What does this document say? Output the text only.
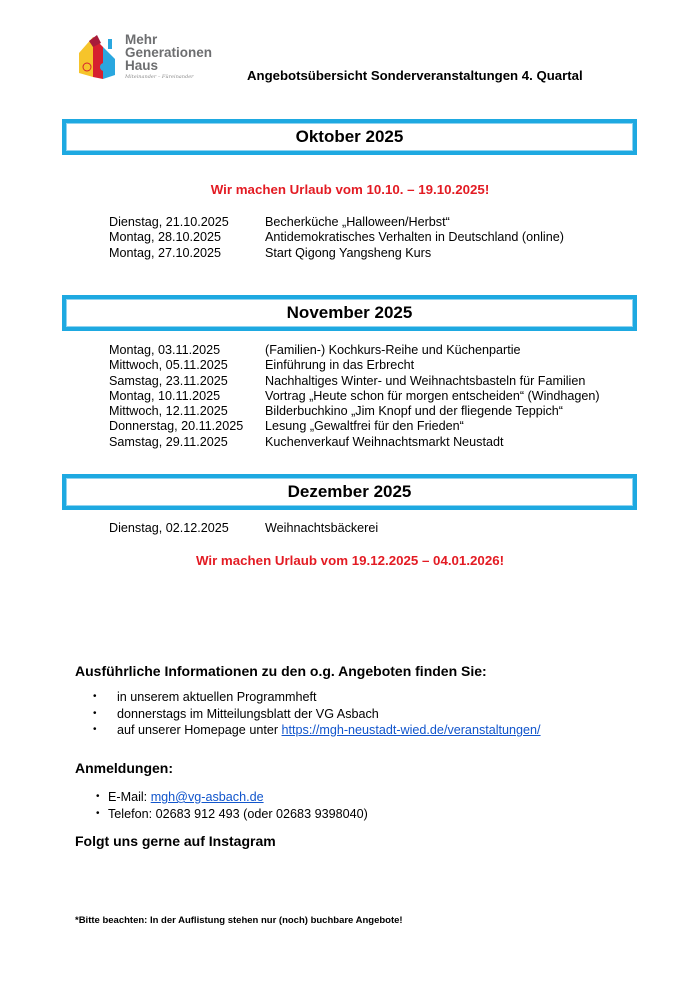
Mehr
Generationen
Haus
Miteinander – Füreinander	Angebotsübersicht Sonderveranstaltungen 4. Quartal
Oktober 2025
Wir machen Urlaub vom 10.10. – 19.10.2025!
Dienstag, 21.10.2025	Becherküche „Halloween/Herbst“
Montag, 28.10.2025	Antidemokratisches Verhalten in Deutschland (online)
Montag, 27.10.2025	Start Qigong Yangsheng Kurs
November 2025
Montag, 03.11.2025	(Familien-) Kochkurs-Reihe und Küchenpartie
Mittwoch, 05.11.2025	Einführung in das Erbrecht
Samstag, 23.11.2025	Nachhaltiges Winter- und Weihnachtsbasteln für Familien
Montag, 10.11.2025	Vortrag „Heute schon für morgen entscheiden“ (Windhagen)
Mittwoch, 12.11.2025	Bilderbuchkino „Jim Knopf und der fliegende Teppich“
Donnerstag, 20.11.2025	Lesung „Gewaltfrei für den Frieden“
Samstag, 29.11.2025	Kuchenverkauf Weihnachtsmarkt Neustadt
Dezember 2025
Dienstag, 02.12.2025	Weihnachtsbäckerei
Wir machen Urlaub vom 19.12.2025 – 04.01.2026!
Ausführliche Informationen zu den o.g. Angeboten finden Sie:
•	in unserem aktuellen Programmheft
•	donnerstags im Mitteilungsblatt der VG Asbach
•	auf unserer Homepage unter https://mgh-neustadt-wied.de/veranstaltungen/
Anmeldungen:
• E-Mail: mgh@vg-asbach.de
• Telefon: 02683 912 493 (oder 02683 9398040)
Folgt uns gerne auf Instagram
*Bitte beachten: In der Auflistung stehen nur (noch) buchbare Angebote!
